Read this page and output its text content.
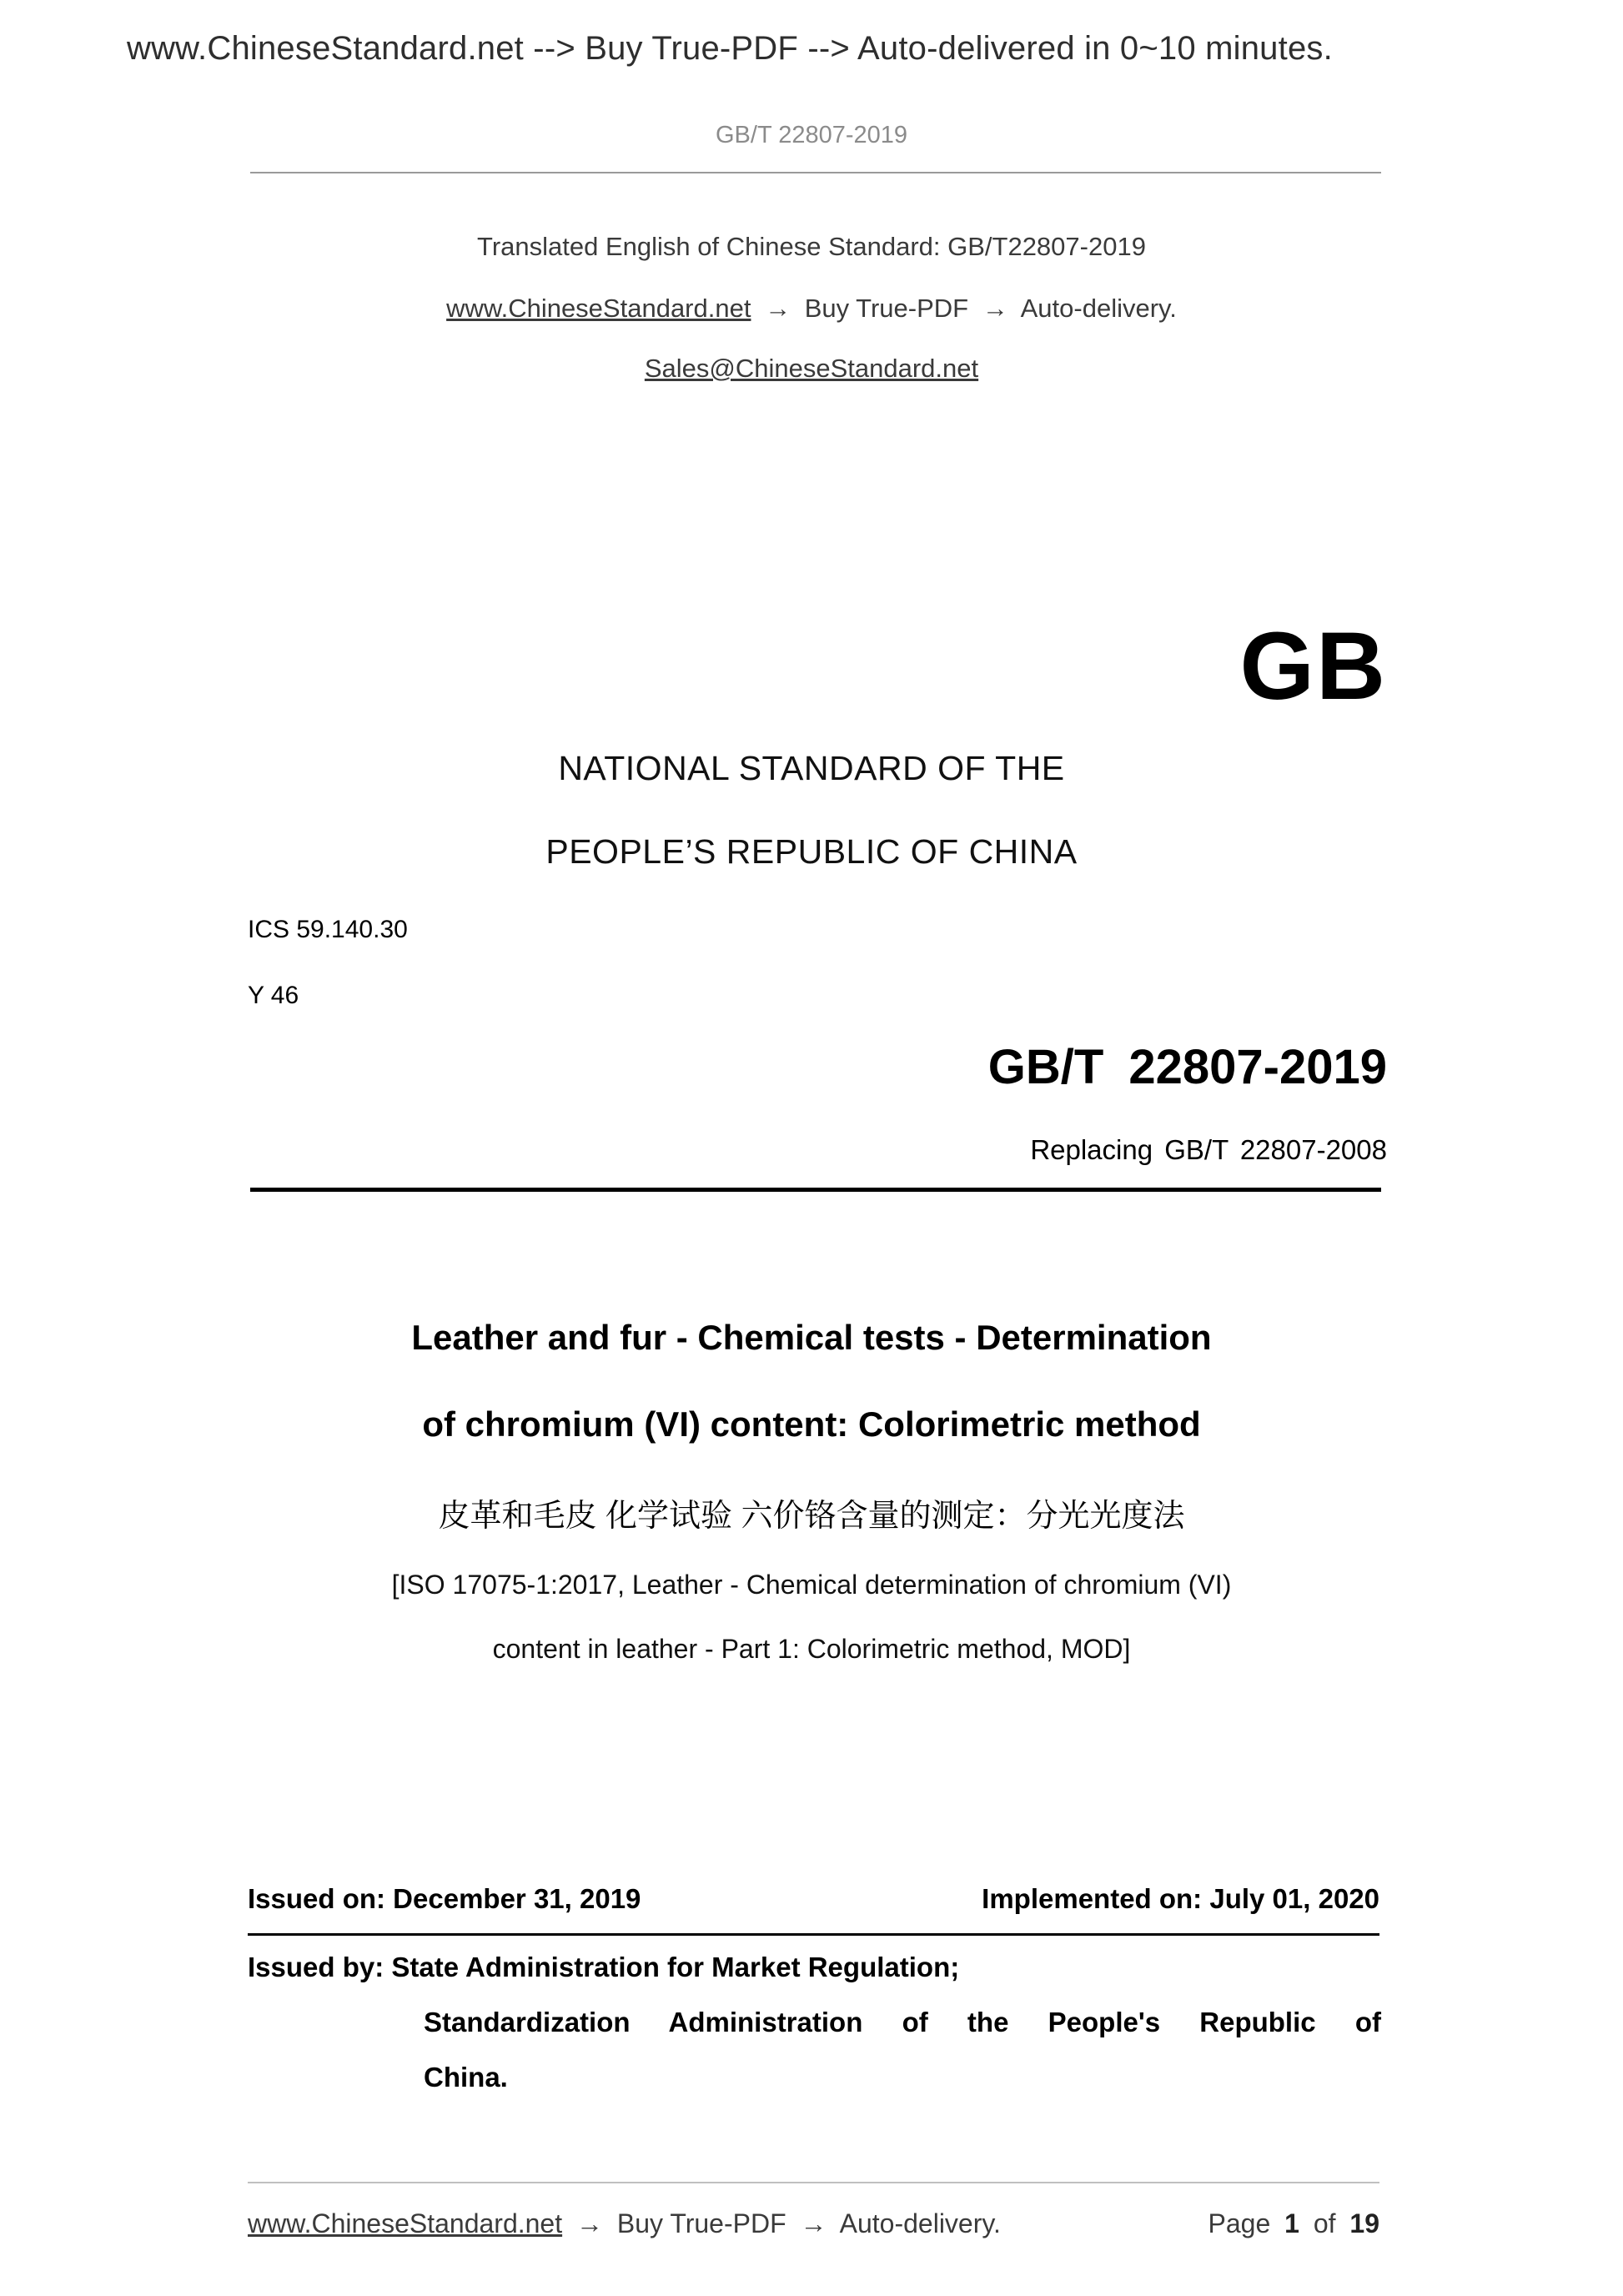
www.ChineseStandard.net --> Buy True-PDF --> Auto-delivered in 0~10 minutes.
GB/T 22807-2019
Translated English of Chinese Standard: GB/T22807-2019
www.ChineseStandard.net → Buy True-PDF → Auto-delivery.
Sales@ChineseStandard.net
GB
NATIONAL STANDARD OF THE
PEOPLE’S REPUBLIC OF CHINA
ICS 59.140.30
Y 46
GB/T 22807-2019
Replacing GB/T 22807-2008
Leather and fur - Chemical tests - Determination
of chromium (VI) content: Colorimetric method
皮革和毛皮 化学试验 六价铬含量的测定：分光光度法
[ISO 17075-1:2017, Leather - Chemical determination of chromium (VI)
content in leather - Part 1: Colorimetric method, MOD]
Issued on: December 31, 2019	Implemented on: July 01, 2020
Issued by: State Administration for Market Regulation;
Standardization Administration of the People's Republic of
China.
www.ChineseStandard.net → Buy True-PDF → Auto-delivery.	Page 1 of 19
